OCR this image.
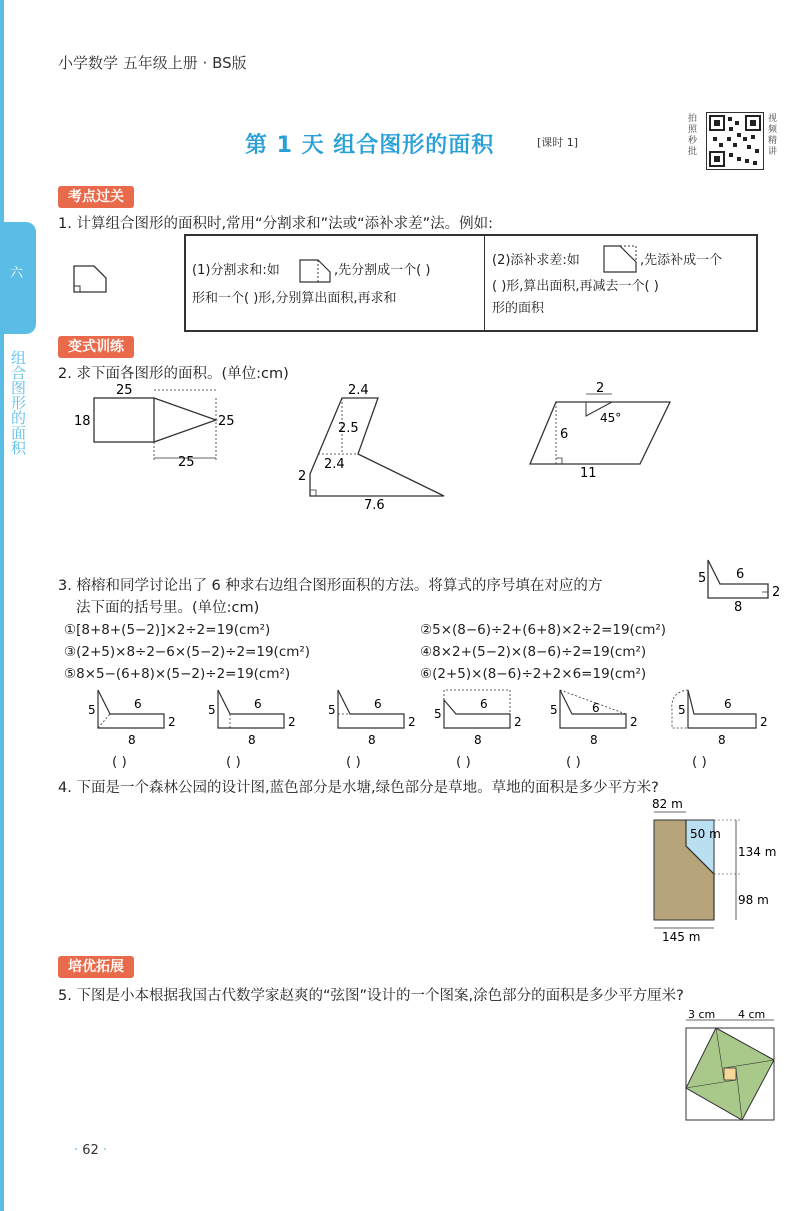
六
组合图形的面积
小学数学 五年级上册 · BS版
第 1 天 组合图形的面积	[课时 1]
拍照秒批
视频精讲
考点过关
1. 计算组合图形的面积时,常用“分割求和”法或“添补求差”法。例如:
(1)分割求和:如	,先分割成一个( )
形和一个( )形,分别算出面积,再求和
(2)添补求差:如	,先添补成一个
( )形,算出面积,再减去一个( )
形的面积
变式训练
2. 求下面各图形的面积。(单位:cm)
25
18	25
25
2.4
2.5
2.4
2
7.6
2
45°
6
11
3. 榕榕和同学讨论出了 6 种求右边组合图形面积的方法。将算式的序号填在对应的方
法下面的括号里。(单位:cm)
5 6
2
8
①[8+8+(5−2)]×2÷2=19(cm²)	②5×(8−6)÷2+(6+8)×2÷2=19(cm²)
③(2+5)×8÷2−6×(5−2)÷2=19(cm²)	④8×2+(5−2)×(8−6)÷2=19(cm²)
⑤8×5−(6+8)×(5−2)÷2=19(cm²)	⑥(2+5)×(8−6)÷2+2×6=19(cm²)
5	6
2
8
5	6
2
8
5	6
2
8
5
6
2
8
5	6
2
8
5	6
2
8
( )	( )	( )	( )	( )	( )
4. 下面是一个森林公园的设计图,蓝色部分是水塘,绿色部分是草地。草地的面积是多少平方米?
82 m
50 m
134 m
98 m
145 m
培优拓展
5. 下图是小本根据我国古代数学家赵爽的“弦图”设计的一个图案,涂色部分的面积是多少平方厘米?
3 cm 4 cm
· 62 ·
